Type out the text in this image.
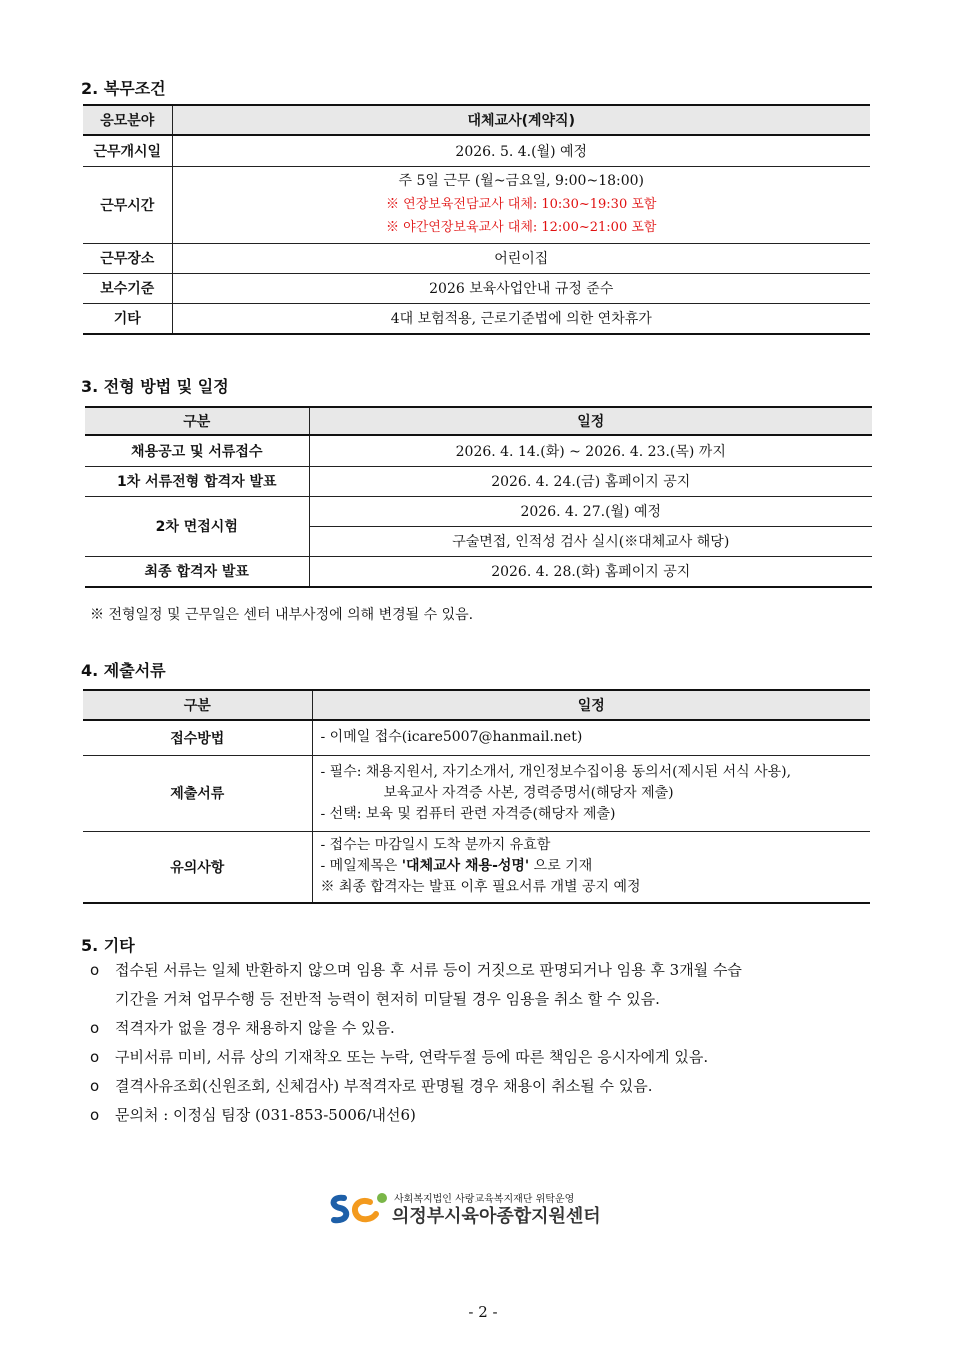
2. 복무조건
응모분야	대체교사(계약직)
근무개시일	2026. 5. 4.(월) 예정
근무시간	주 5일 근무 (월~금요일, 9:00~18:00)
※ 연장보육전담교사 대체: 10:30~19:30 포함
※ 야간연장보육교사 대체: 12:00~21:00 포함

근무장소	어린이집
보수기준	2026 보육사업안내 규정 준수
기타	4대 보험적용, 근로기준법에 의한 연차휴가
3. 전형 방법 및 일정
구분	일정
채용공고 및 서류접수	2026. 4. 14.(화) ~ 2026. 4. 23.(목) 까지
1차 서류전형 합격자 발표	2026. 4. 24.(금) 홈페이지 공지
2차 면접시험	2026. 4. 27.(월) 예정
	구술면접, 인적성 검사 실시(※대체교사 해당)
최종 합격자 발표	2026. 4. 28.(화) 홈페이지 공지
※ 전형일정 및 근무일은 센터 내부사정에 의해 변경될 수 있음.
4. 제출서류
구분	일정
접수방법	- 이메일 접수(icare5007@hanmail.net)
제출서류	- 필수: 채용지원서, 자기소개서, 개인정보수집이용 동의서(제시된 서식 사용),
보육교사 자격증 사본, 경력증명서(해당자 제출)
- 선택: 보육 및 컴퓨터 관련 자격증(해당자 제출)

유의사항	- 접수는 마감일시 도착 분까지 유효함
- 메일제목은 '대체교사 채용-성명' 으로 기재
※ 최종 합격자는 발표 이후 필요서류 개별 공지 예정
5. 기타
o 접수된 서류는 일체 반환하지 않으며 임용 후 서류 등이 거짓으로 판명되거나 임용 후 3개월 수습
기간을 거쳐 업무수행 등 전반적 능력이 현저히 미달될 경우 임용을 취소 할 수 있음.
o 적격자가 없을 경우 채용하지 않을 수 있음.
o 구비서류 미비, 서류 상의 기재착오 또는 누락, 연락두절 등에 따른 책임은 응시자에게 있음.
o 결격사유조회(신원조회, 신체검사) 부적격자로 판명될 경우 채용이 취소될 수 있음.
o 문의처 : 이정심 팀장 (031-853-5006/내선6)
사회복지법인 사랑교육복지재단 위탁운영
의정부시육아종합지원센터
- 2 -
